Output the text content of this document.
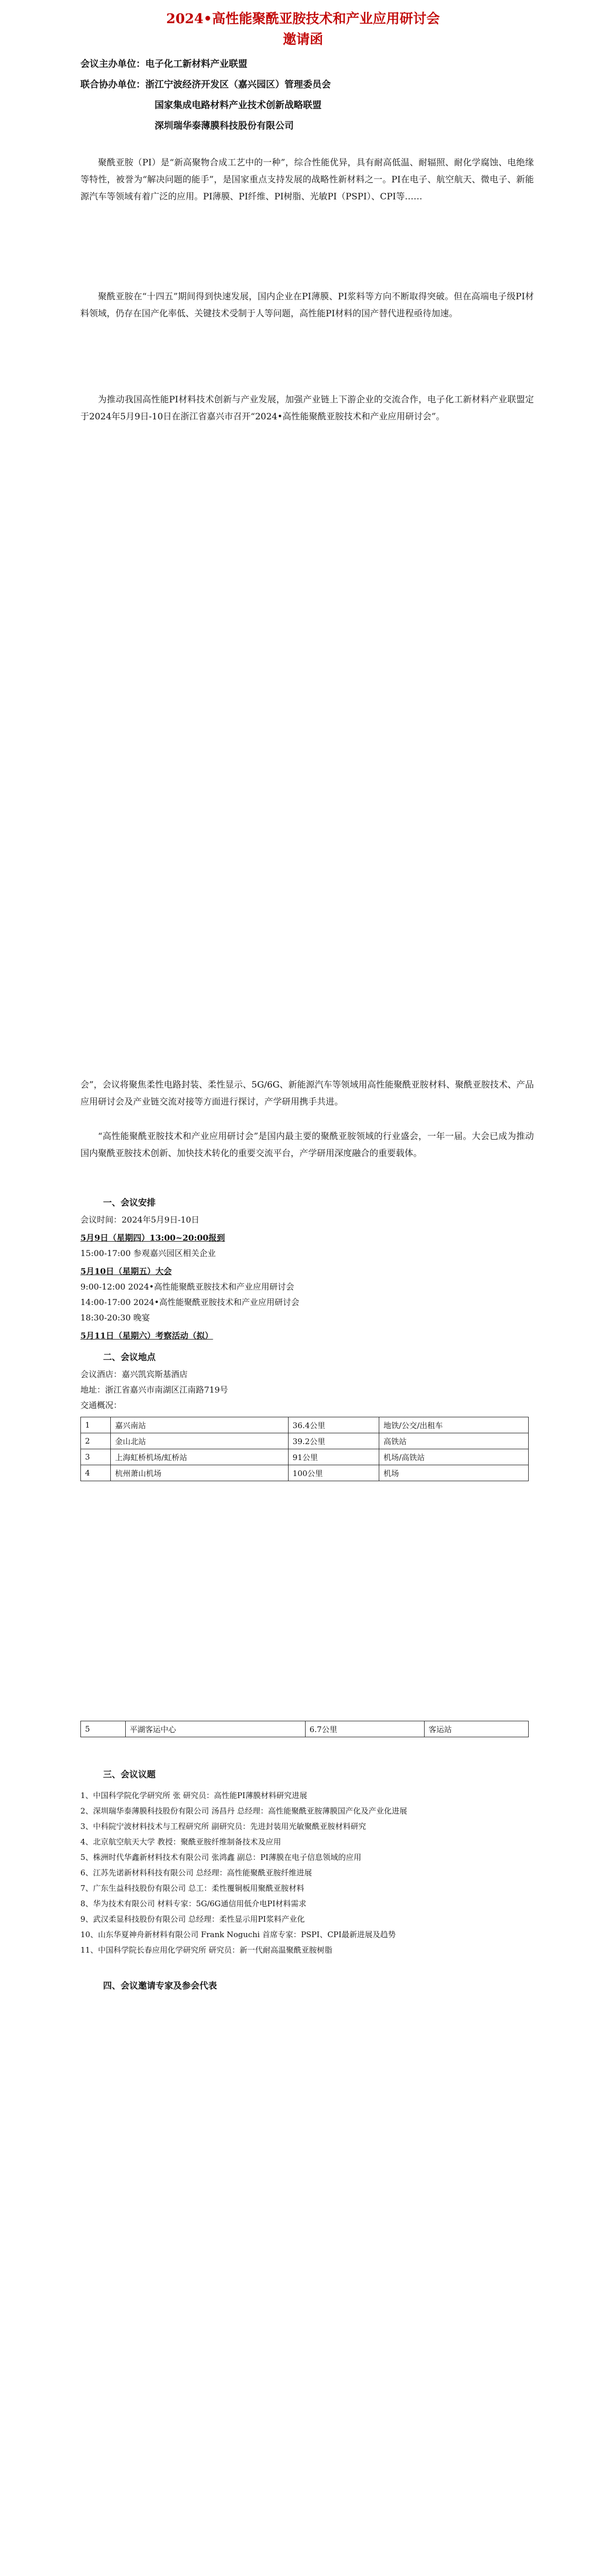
2024•高性能聚酰亚胺技术和产业应用研讨会
邀请函
会议主办单位：电子化工新材料产业联盟
联合协办单位：浙江宁波经济开发区（嘉兴园区）管理委员会
国家集成电路材料产业技术创新战略联盟
深圳瑞华泰薄膜科技股份有限公司
聚酰亚胺（PI）是“新高聚物合成工艺中的一种”，综合性能优异，具有耐高低温、耐辐照、耐化学腐蚀、电绝缘等特性，被誉为“解决问题的能手”，是国家重点支持发展的战略性新材料之一。PI在电子、航空航天、微电子、新能源汽车等领域有着广泛的应用。PI薄膜、PI纤维、PI树脂、光敏PI（PSPI）、CPI等……
聚酰亚胺在“十四五”期间得到快速发展，国内企业在PI薄膜、PI浆料等方向不断取得突破。但在高端电子级PI材料领域，仍存在国产化率低、关键技术受制于人等问题，高性能PI材料的国产替代进程亟待加速。
为推动我国高性能PI材料技术创新与产业发展，加强产业链上下游企业的交流合作，电子化工新材料产业联盟定于2024年5月9日-10日在浙江省嘉兴市召开“2024•高性能聚酰亚胺技术和产业应用研讨会”。
会”，会议将聚焦柔性电路封装、柔性显示、5G/6G、新能源汽车等领域用高性能聚酰亚胺材料、聚酰亚胺技术、产品应用研讨会及产业链交流对接等方面进行探讨，产学研用携手共进。
“高性能聚酰亚胺技术和产业应用研讨会”是国内最主要的聚酰亚胺领域的行业盛会，一年一届。大会已成为推动国内聚酰亚胺技术创新、加快技术转化的重要交流平台，产学研用深度融合的重要载体。
一、会议安排
会议时间：2024年5月9日-10日
5月9日（星期四）13:00~20:00报到
15:00-17:00 参观嘉兴园区相关企业
5月10日（星期五）大会
9:00-12:00 2024•高性能聚酰亚胺技术和产业应用研讨会
14:00-17:00 2024•高性能聚酰亚胺技术和产业应用研讨会
18:30-20:30 晚宴
5月11日（星期六）考察活动（拟）
二、会议地点
会议酒店：嘉兴凯宾斯基酒店
地址：浙江省嘉兴市南湖区江南路719号
交通概况：
1	嘉兴南站	36.4公里	地铁/公交/出租车
2	金山北站	39.2公里	高铁站
3	上海虹桥机场/虹桥站	91公里	机场/高铁站
4	杭州萧山机场	100公里	机场
5	平湖客运中心	6.7公里	客运站
三、会议议题
1、中国科学院化学研究所 张 研究员：高性能PI薄膜材料研究进展
2、深圳瑞华泰薄膜科技股份有限公司 汤昌丹 总经理：高性能聚酰亚胺薄膜国产化及产业化进展
3、中科院宁波材料技术与工程研究所 副研究员：先进封装用光敏聚酰亚胺材料研究
4、北京航空航天大学 教授：聚酰亚胺纤维制备技术及应用
5、株洲时代华鑫新材料技术有限公司 张鸿鑫 副总：PI薄膜在电子信息领域的应用
6、江苏先诺新材料科技有限公司 总经理：高性能聚酰亚胺纤维进展
7、广东生益科技股份有限公司 总工：柔性覆铜板用聚酰亚胺材料
8、华为技术有限公司 材料专家：5G/6G通信用低介电PI材料需求
9、武汉柔显科技股份有限公司 总经理：柔性显示用PI浆料产业化
10、山东华夏神舟新材料有限公司 Frank Noguchi 首席专家：PSPI、CPI最新进展及趋势
11、中国科学院长春应用化学研究所 研究员：新一代耐高温聚酰亚胺树脂
四、会议邀请专家及参会代表
